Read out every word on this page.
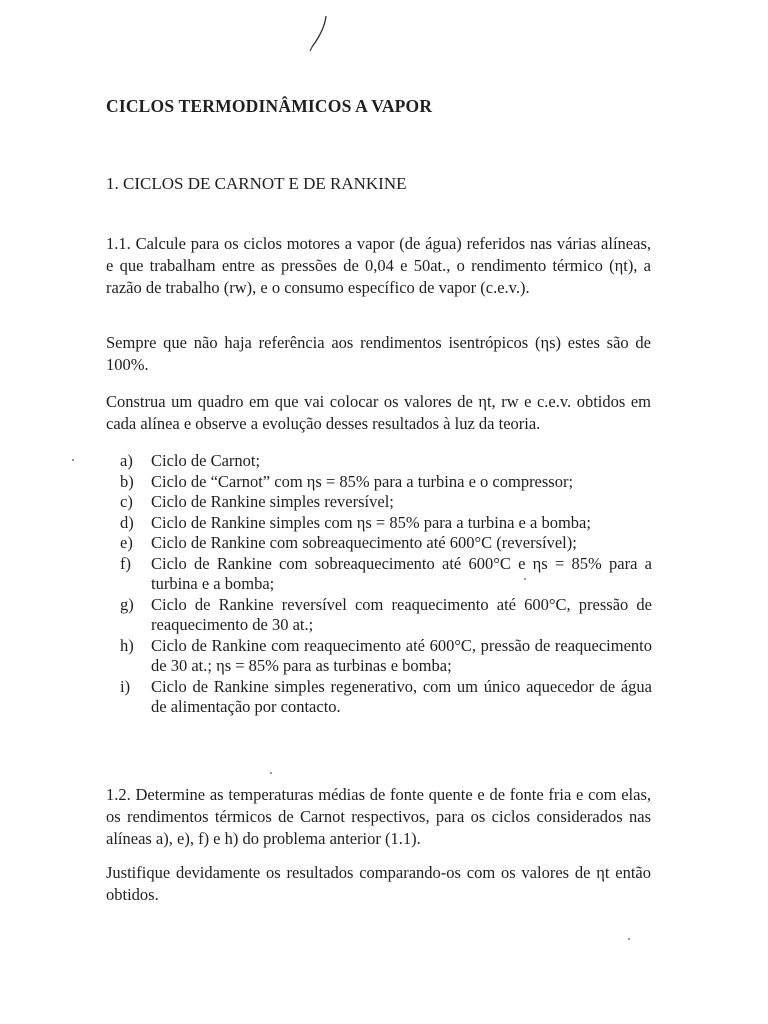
CICLOS TERMODINÂMICOS A VAPOR
1. CICLOS DE CARNOT E DE RANKINE

1.1. Calcule para os ciclos motores a vapor (de água) referidos nas várias alíneas, e que trabalham entre as pressões de 0,04 e 50at., o rendimento térmico (ηt), a razão de trabalho (rw), e o consumo específico de vapor (c.e.v.).

Sempre que não haja referência aos rendimentos isentrópicos (ηs) estes são de 100%.

Construa um quadro em que vai colocar os valores de ηt, rw e c.e.v. obtidos em cada alínea e observe a evolução desses resultados à luz da teoria.

a) Ciclo de Carnot;
b) Ciclo de “Carnot” com ηs = 85% para a turbina e o compressor;
c) Ciclo de Rankine simples reversível;
d) Ciclo de Rankine simples com ηs = 85% para a turbina e a bomba;
e) Ciclo de Rankine com sobreaquecimento até 600°C (reversível);
f) Ciclo de Rankine com sobreaquecimento até 600°C e ηs = 85% para a turbina e a bomba;
g) Ciclo de Rankine reversível com reaquecimento até 600°C, pressão de reaquecimento de 30 at.;
h) Ciclo de Rankine com reaquecimento até 600°C, pressão de reaquecimento de 30 at.; ηs = 85% para as turbinas e bomba;
i) Ciclo de Rankine simples regenerativo, com um único aquecedor de água de alimentação por contacto.

1.2. Determine as temperaturas médias de fonte quente e de fonte fria e com elas, os rendimentos térmicos de Carnot respectivos, para os ciclos considerados nas alíneas a), e), f) e h) do problema anterior (1.1).

Justifique devidamente os resultados comparando-os com os valores de ηt então obtidos.
